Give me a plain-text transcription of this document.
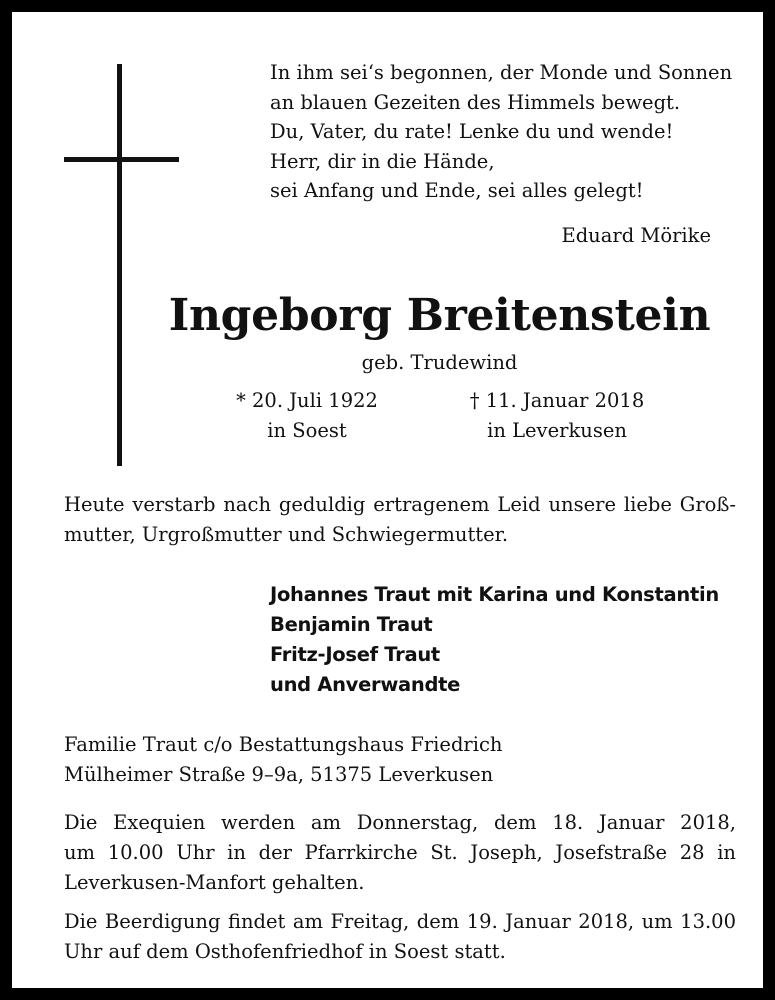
In ihm sei‘s begonnen, der Monde und Sonnen
an blauen Gezeiten des Himmels bewegt.
Du, Vater, du rate! Lenke du und wende!
Herr, dir in die Hände,
sei Anfang und Ende, sei alles gelegt!
Eduard Mörike
Ingeborg Breitenstein
geb. Trudewind
* 20. Juli 1922
in Soest
† 11. Januar 2018
in Leverkusen
Heute verstarb nach geduldig ertragenem Leid unsere liebe Groß-
mutter, Urgroßmutter und Schwiegermutter.
Johannes Traut mit Karina und Konstantin
Benjamin Traut
Fritz-Josef Traut
und Anverwandte
Familie Traut c/o Bestattungshaus Friedrich
Mülheimer Straße 9–9a, 51375 Leverkusen
Die Exequien werden am Donnerstag, dem 18. Januar 2018,
um 10.00 Uhr in der Pfarrkirche St. Joseph, Josefstraße 28 in
Leverkusen-Manfort gehalten.
Die Beerdigung findet am Freitag, dem 19. Januar 2018, um 13.00
Uhr auf dem Osthofenfriedhof in Soest statt.
